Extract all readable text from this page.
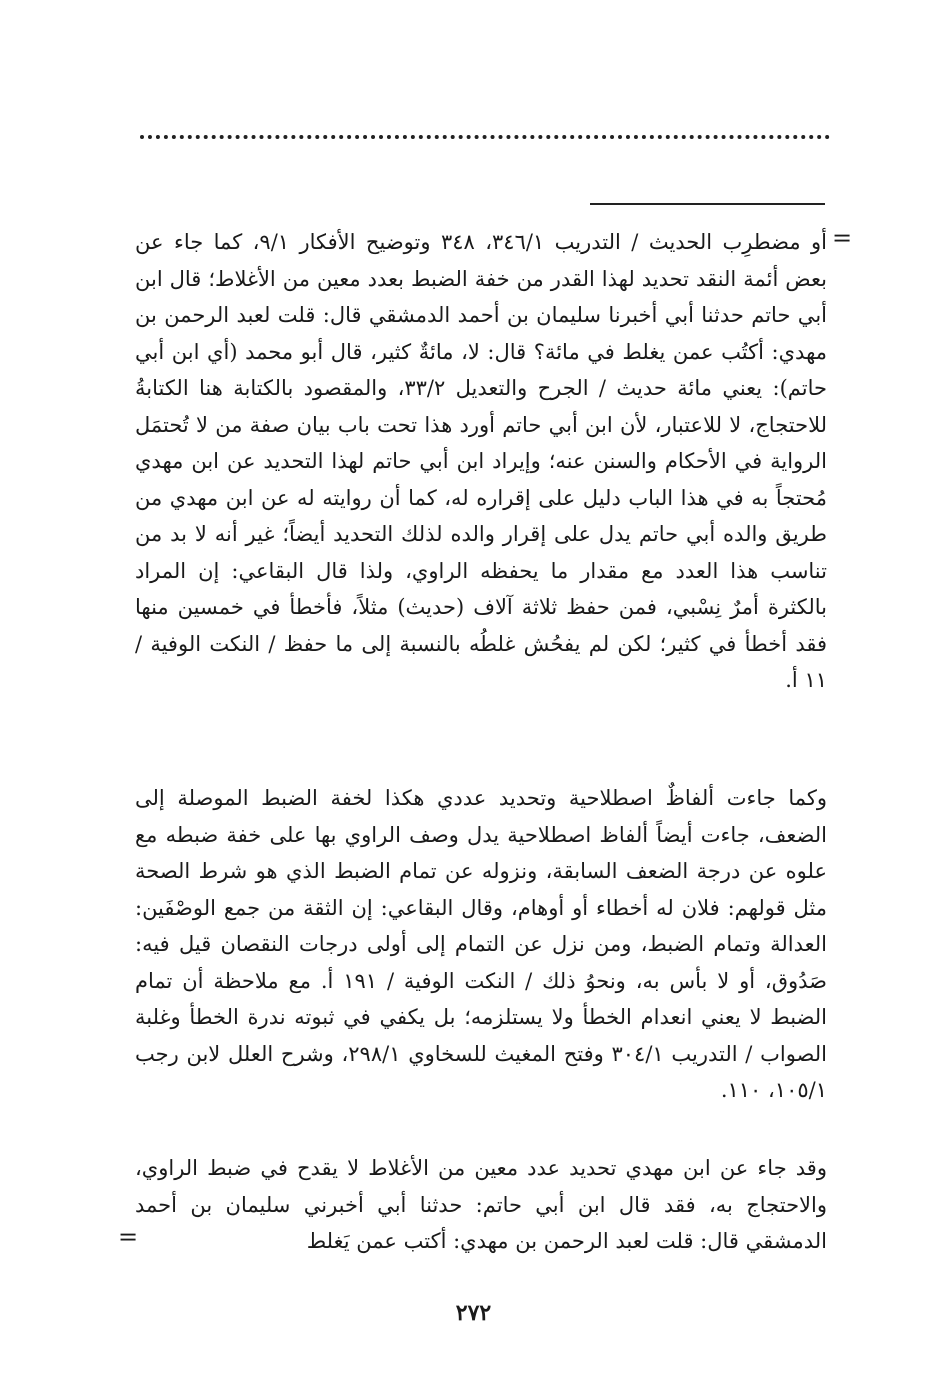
=

أو مضطرِب الحديث / التدريب ٣٤٦/١، ٣٤٨ وتوضيح الأفكار ٩/١، كما جاء عن بعض أئمة النقد تحديد لهذا القدر من خفة الضبط بعدد معين من الأغلاط؛ قال ابن أبي حاتم حدثنا أبي أخبرنا سليمان بن أحمد الدمشقي قال: قلت لعبد الرحمن بن مهدي: أكتُب عمن يغلط في مائة؟ قال: لا، مائةٌ كثير، قال أبو محمد (أي ابن أبي حاتم): يعني مائة حديث / الجرح والتعديل ٣٣/٢، والمقصود بالكتابة هنا الكتابةُ للاحتجاج، لا للاعتبار، لأن ابن أبي حاتم أورد هذا تحت باب بيان صفة من لا تُحتمَل الرواية في الأحكام والسنن عنه؛ وإيراد ابن أبي حاتم لهذا التحديد عن ابن مهدي مُحتجاً به في هذا الباب دليل على إقراره له، كما أن روايته له عن ابن مهدي من طريق والده أبي حاتم يدل على إقرار والده لذلك التحديد أيضاً؛ غير أنه لا بد من تناسب هذا العدد مع مقدار ما يحفظه الراوي، ولذا قال البقاعي: إن المراد بالكثرة أمرٌ نِسْبي، فمن حفظ ثلاثة آلاف (حديث) مثلاً، فأخطأ في خمسين منها فقد أخطأ في كثير؛ لكن لم يفحُش غلطُه بالنسبة إلى ما حفظ / النكت الوفية / ١١ أ.

وكما جاءت ألفاظٌ اصطلاحية وتحديد عددي هكذا لخفة الضبط الموصلة إلى الضعف، جاءت أيضاً ألفاظ اصطلاحية يدل وصف الراوي بها على خفة ضبطه مع علوه عن درجة الضعف السابقة، ونزوله عن تمام الضبط الذي هو شرط الصحة مثل قولهم: فلان له أخطاء أو أوهام، وقال البقاعي: إن الثقة من جمع الوصْفَين: العدالة وتمام الضبط، ومن نزل عن التمام إلى أولى درجات النقصان قيل فيه: صَدُوق، أو لا بأس به، ونحوُ ذلك / النكت الوفية / ١٩١ أ. مع ملاحظة أن تمام الضبط لا يعني انعدام الخطأ ولا يستلزمه؛ بل يكفي في ثبوته ندرة الخطأ وغلبة الصواب / التدريب ٣٠٤/١ وفتح المغيث للسخاوي ٢٩٨/١، وشرح العلل لابن رجب ١٠٥/١، ١١٠.

وقد جاء عن ابن مهدي تحديد عدد معين من الأغلاط لا يقدح في ضبط الراوي، والاحتجاج به، فقد قال ابن أبي حاتم: حدثنا أبي أخبرني سليمان بن أحمد الدمشقي قال: قلت لعبد الرحمن بن مهدي: أكتب عمن يَغلط

=
٢٧٢
